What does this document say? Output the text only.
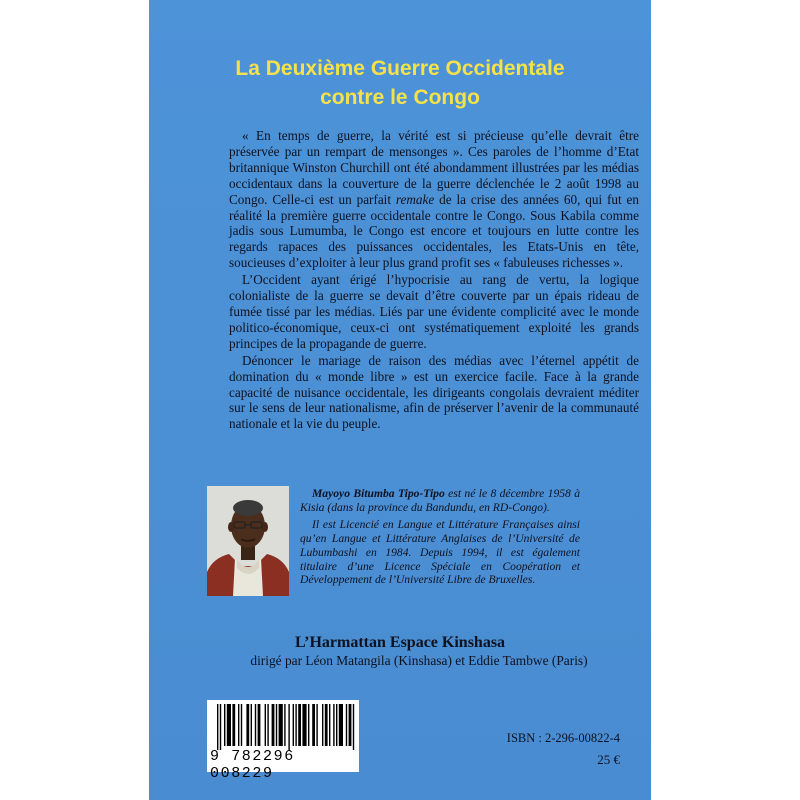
La Deuxième Guerre Occidentale
contre le Congo

« En temps de guerre, la vérité est si précieuse qu’elle devrait être préservée par un rempart de mensonges ». Ces paroles de l’homme d’Etat britannique Winston Churchill ont été abondamment illustrées par les médias occidentaux dans la couverture de la guerre déclenchée le 2 août 1998 au Congo. Celle-ci est un parfait remake de la crise des années 60, qui fut en réalité la première guerre occidentale contre le Congo. Sous Kabila comme jadis sous Lumumba, le Congo est encore et toujours en lutte contre les regards rapaces des puissances occidentales, les Etats-Unis en tête, soucieuses d’exploiter à leur plus grand profit ses « fabuleuses richesses ».

L’Occident ayant érigé l’hypocrisie au rang de vertu, la logique colonialiste de la guerre se devait d’être couverte par un épais rideau de fumée tissé par les médias. Liés par une évidente complicité avec le monde politico-économique, ceux-ci ont systématiquement exploité les grands principes de la propagande de guerre.

Dénoncer le mariage de raison des médias avec l’éternel appétit de domination du « monde libre » est un exercice facile. Face à la grande capacité de nuisance occidentale, les dirigeants congolais devraient méditer sur le sens de leur nationalisme, afin de préserver l’avenir de la communauté nationale et la vie du peuple.

Mayoyo Bitumba Tipo-Tipo est né le 8 décembre 1958 à Kisia (dans la province du Bandundu, en RD-Congo).

Il est Licencié en Langue et Littérature Françaises ainsi qu’en Langue et Littérature Anglaises de l’Université de Lubumbashi en 1984. Depuis 1994, il est également titulaire d’une Licence Spéciale en Coopération et Développement de l’Université Libre de Bruxelles.

L’Harmattan Espace Kinshasa
dirigé par Léon Matangila (Kinshasa) et Eddie Tambwe (Paris)
9 782296 008229
ISBN : 2-296-00822-4
25 €
